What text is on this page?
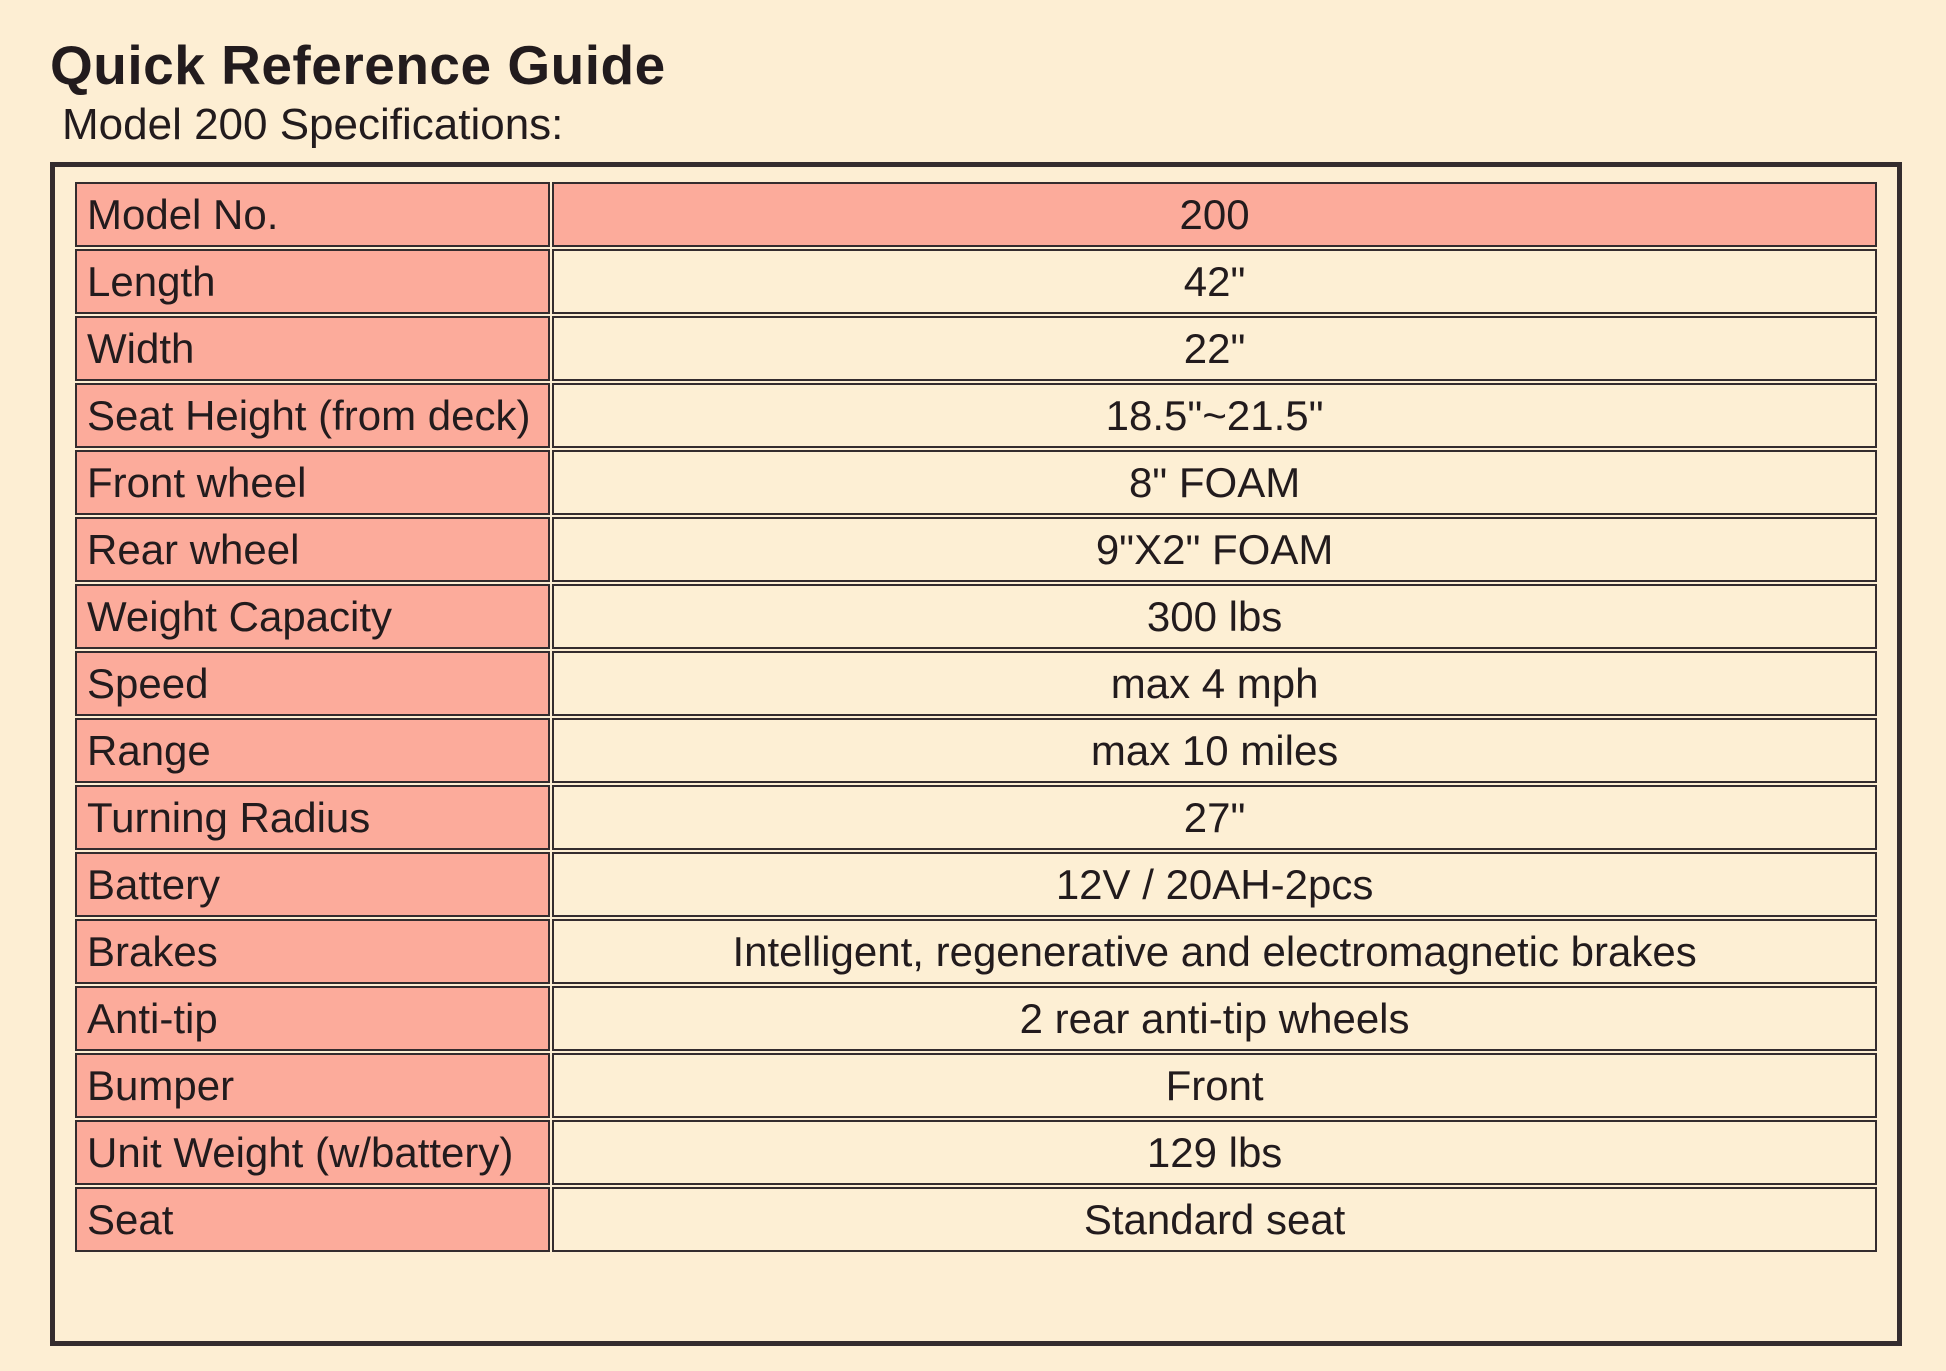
Quick Reference Guide
Model 200 Specifications:
Model No.	200
Length	42"
Width	22"
Seat Height (from deck)	18.5"~21.5"
Front wheel	8" FOAM
Rear wheel	9"X2" FOAM
Weight Capacity	300 lbs
Speed	max 4 mph
Range	max 10 miles
Turning Radius	27"
Battery	12V / 20AH-2pcs
Brakes	Intelligent, regenerative and electromagnetic brakes
Anti-tip	2 rear anti-tip wheels
Bumper	Front
Unit Weight (w/battery)	129 lbs
Seat	Standard seat
